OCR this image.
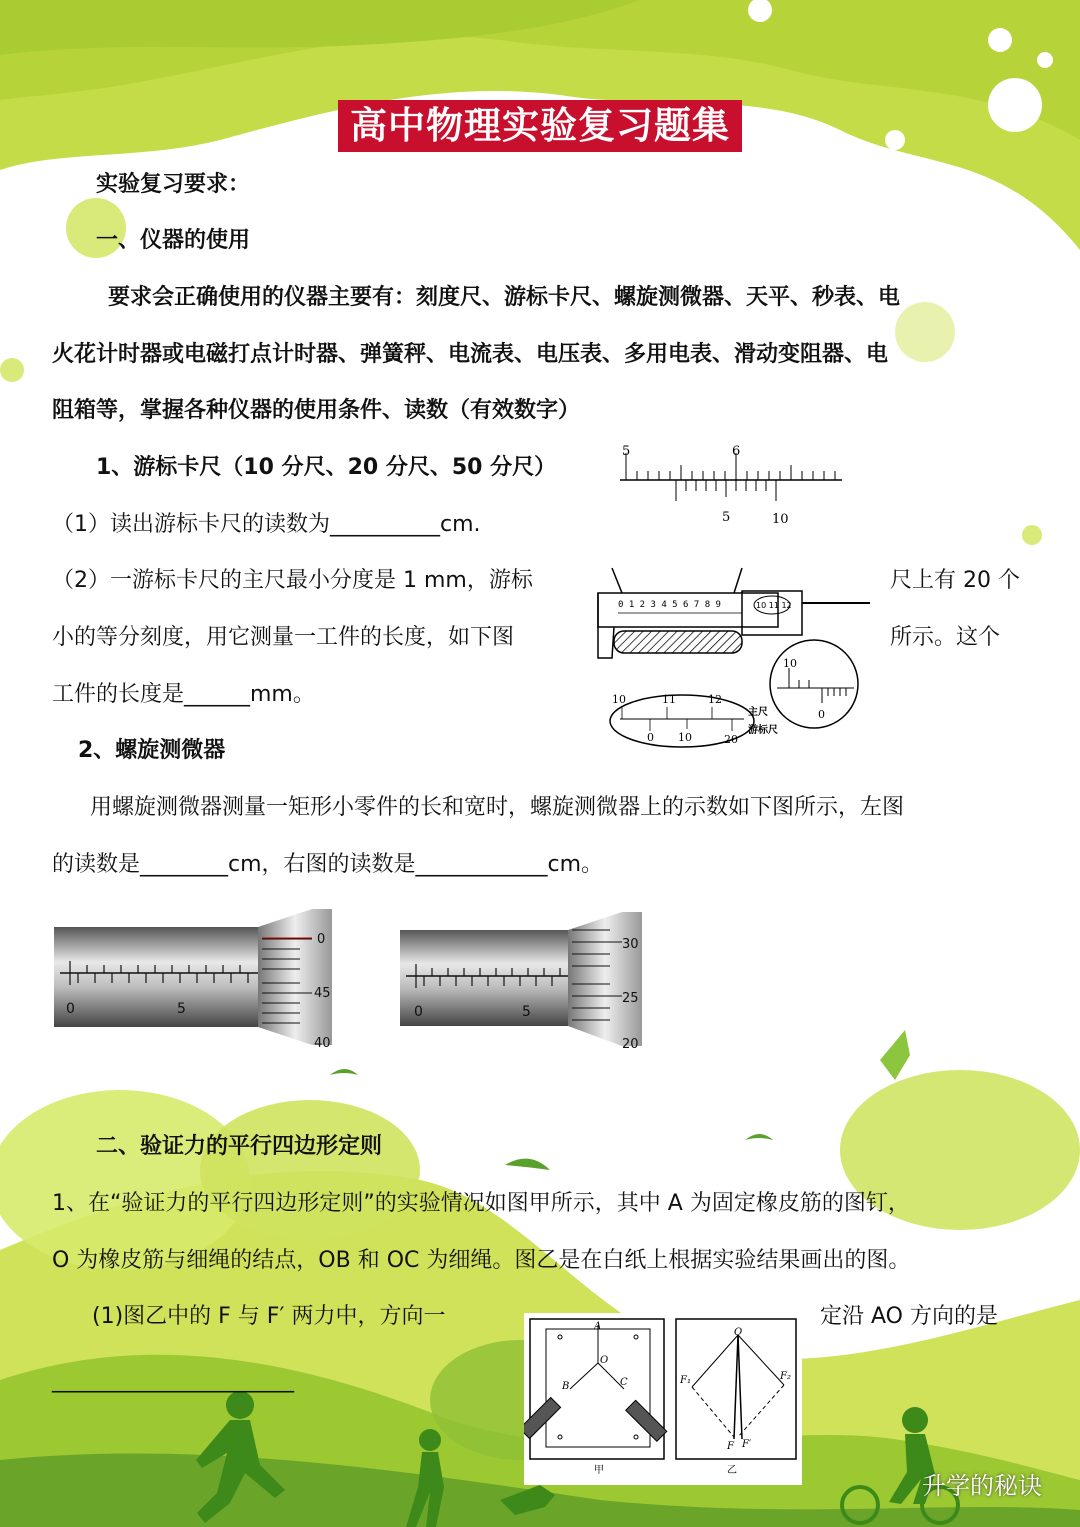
高中物理实验复习题集
实验复习要求：
一、仪器的使用
要求会正确使用的仪器主要有：刻度尺、游标卡尺、螺旋测微器、天平、秒表、电
火花计时器或电磁打点计时器、弹簧秤、电流表、电压表、多用电表、滑动变阻器、电
阻箱等，掌握各种仪器的使用条件、读数（有效数字）
1、游标卡尺（10 分尺、20 分尺、50 分尺）
（1）读出游标卡尺的读数为__________cm.
5	6
5	10
（2）一游标卡尺的主尺最小分度是 1 mm，游标	尺上有 20 个
小的等分刻度，用它测量一工件的长度，如下图	所示。这个
工件的长度是______mm。
0 1 2 3 4 5 6 7 8 9	10 11 12
10
0
10	11	12
0 10	20
主尺
游标尺
2、螺旋测微器
用螺旋测微器测量一矩形小零件的长和宽时，螺旋测微器上的示数如下图所示，左图
的读数是________cm，右图的读数是____________cm。
0	5
0
45
40
0	5
30
25
20
二、验证力的平行四边形定则
1、在“验证力的平行四边形定则”的实验情况如图甲所示，其中 A 为固定橡皮筋的图钉，
O 为橡皮筋与细绳的结点，OB 和 OC 为细绳。图乙是在白纸上根据实验结果画出的图。
(1)图乙中的 F 与 F′ 两力中，方向一	定沿 AO 方向的是
______________________
A
O
B	C
O
F₁	F₂
F F′
甲	乙
升学的秘诀
